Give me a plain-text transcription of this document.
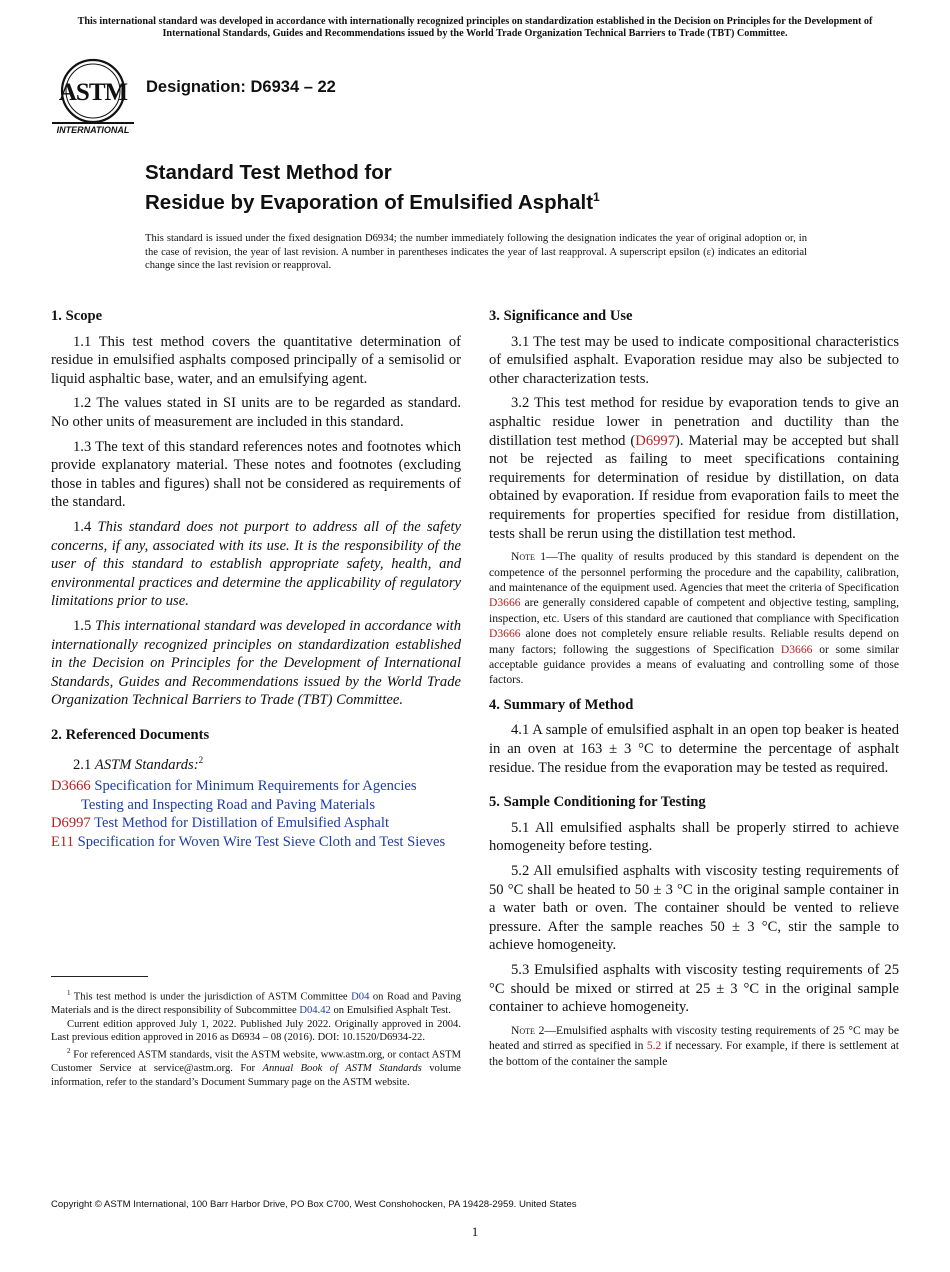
This international standard was developed in accordance with internationally recognized principles on standardization established in the Decision on Principles for the Development of International Standards, Guides and Recommendations issued by the World Trade Organization Technical Barriers to Trade (TBT) Committee.
ASTM
INTERNATIONAL
Designation: D6934 – 22
Standard Test Method for
Residue by Evaporation of Emulsified Asphalt$^1$
This standard is issued under the fixed designation D6934; the number immediately following the designation indicates the year of original adoption or, in the case of revision, the year of last revision. A number in parentheses indicates the year of last reapproval. A superscript epsilon (ε) indicates an editorial change since the last revision or reapproval.
1. Scope

1.1 This test method covers the quantitative determination of residue in emulsified asphalts composed principally of a semisolid or liquid asphaltic base, water, and an emulsifying agent.

1.2 The values stated in SI units are to be regarded as standard. No other units of measurement are included in this standard.

1.3 The text of this standard references notes and footnotes which provide explanatory material. These notes and footnotes (excluding those in tables and figures) shall not be considered as requirements of the standard.

1.4 This standard does not purport to address all of the safety concerns, if any, associated with its use. It is the responsibility of the user of this standard to establish appropriate safety, health, and environmental practices and determine the applicability of regulatory limitations prior to use.

1.5 This international standard was developed in accordance with internationally recognized principles on standardization established in the Decision on Principles for the Development of International Standards, Guides and Recommendations issued by the World Trade Organization Technical Barriers to Trade (TBT) Committee.

2. Referenced Documents

2.1 ASTM Standards:$^2$

D3666 Specification for Minimum Requirements for Agencies Testing and Inspecting Road and Paving Materials
D6997 Test Method for Distillation of Emulsified Asphalt
E11 Specification for Woven Wire Test Sieve Cloth and Test Sieves

$^1$ This test method is under the jurisdiction of ASTM Committee D04 on Road and Paving Materials and is the direct responsibility of Subcommittee D04.42 on Emulsified Asphalt Test.

Current edition approved July 1, 2022. Published July 2022. Originally approved in 2004. Last previous edition approved in 2016 as D6934 – 08 (2016). DOI: 10.1520/D6934-22.

$^2$ For referenced ASTM standards, visit the ASTM website, www.astm.org, or contact ASTM Customer Service at service@astm.org. For Annual Book of ASTM Standards volume information, refer to the standard’s Document Summary page on the ASTM website.

3. Significance and Use

3.1 The test may be used to indicate compositional characteristics of emulsified asphalt. Evaporation residue may also be subjected to other characterization tests.

3.2 This test method for residue by evaporation tends to give an asphaltic residue lower in penetration and ductility than the distillation test method (D6997). Material may be accepted but shall not be rejected as failing to meet specifications containing requirements for determination of residue by distillation, on data obtained by evaporation. If residue from evaporation fails to meet the requirements for properties specified for residue from distillation, tests shall be rerun using the distillation test method.

Note 1—The quality of results produced by this standard is dependent on the competence of the personnel performing the procedure and the capability, calibration, and maintenance of the equipment used. Agencies that meet the criteria of Specification D3666 are generally considered capable of competent and objective testing, sampling, inspection, etc. Users of this standard are cautioned that compliance with Specification D3666 alone does not completely ensure reliable results. Reliable results depend on many factors; following the suggestions of Specification D3666 or some similar acceptable guidance provides a means of evaluating and controlling some of those factors.
4. Summary of Method

4.1 A sample of emulsified asphalt in an open top beaker is heated in an oven at 163 ± 3 °C to determine the percentage of asphalt residue. The residue from the evaporation may be tested as required.

5. Sample Conditioning for Testing

5.1 All emulsified asphalts shall be properly stirred to achieve homogeneity before testing.

5.2 All emulsified asphalts with viscosity testing requirements of 50 °C shall be heated to 50 ± 3 °C in the original sample container in a water bath or oven. The container should be vented to relieve pressure. After the sample reaches 50 ± 3 °C, stir the sample to achieve homogeneity.

5.3 Emulsified asphalts with viscosity testing requirements of 25 °C should be mixed or stirred at 25 ± 3 °C in the original sample container to achieve homogeneity.

Note 2—Emulsified asphalts with viscosity testing requirements of 25 °C may be heated and stirred as specified in 5.2 if necessary. For example, if there is settlement at the bottom of the container the sample
Copyright © ASTM International, 100 Barr Harbor Drive, PO Box C700, West Conshohocken, PA 19428-2959. United States
1
